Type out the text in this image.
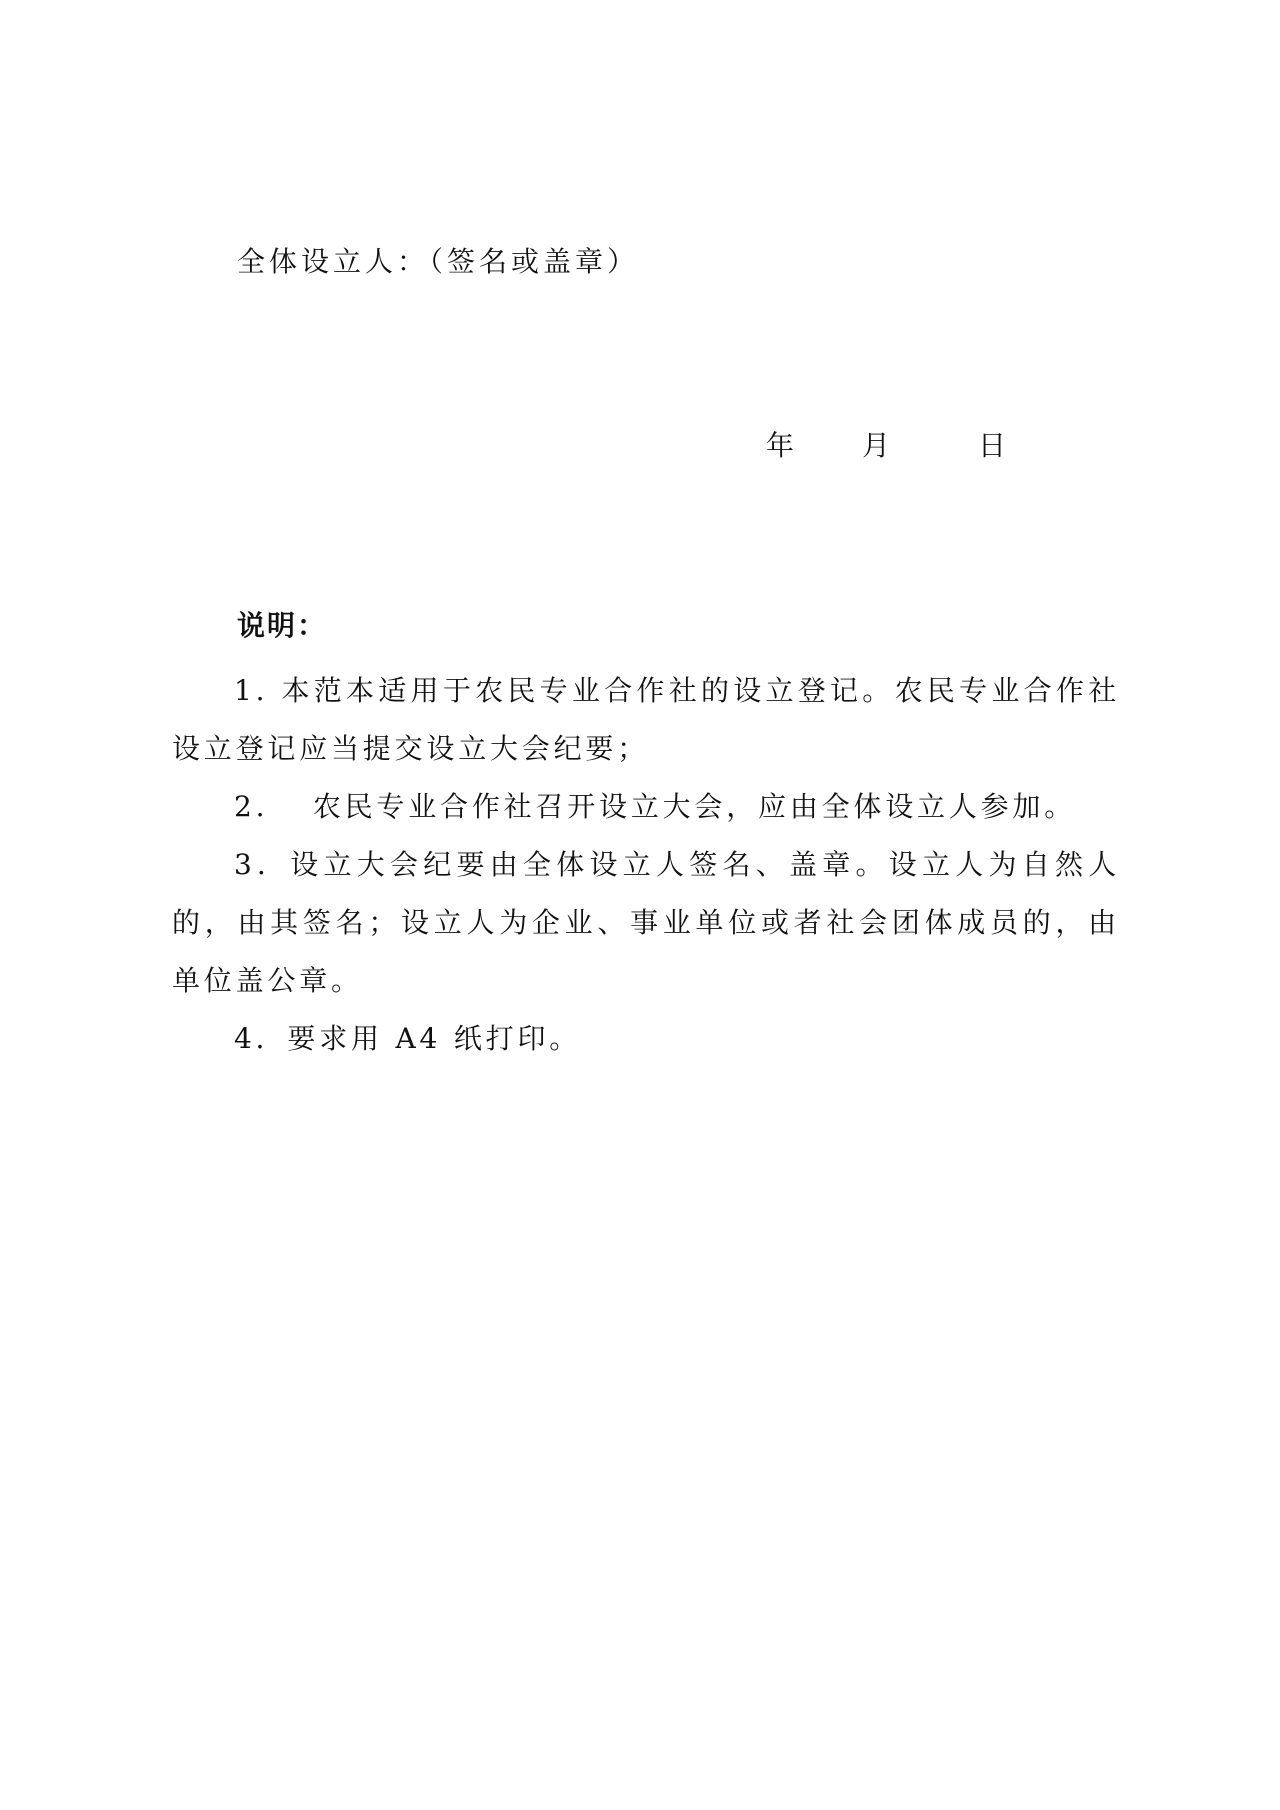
全体设立人：（签名或盖章）
年 月	日
说明：

1. 本范本适用于农民专业合作社的设立登记。农民专业合作社设立登记应当提交设立大会纪要；

2.　 农民专业合作社召开设立大会，应由全体设立人参加。

3．设立大会纪要由全体设立人签名、盖章。设立人为自然人的，由其签名；设立人为企业、事业单位或者社会团体成员的，由单位盖公章。

4．要求用 A4 纸打印。
